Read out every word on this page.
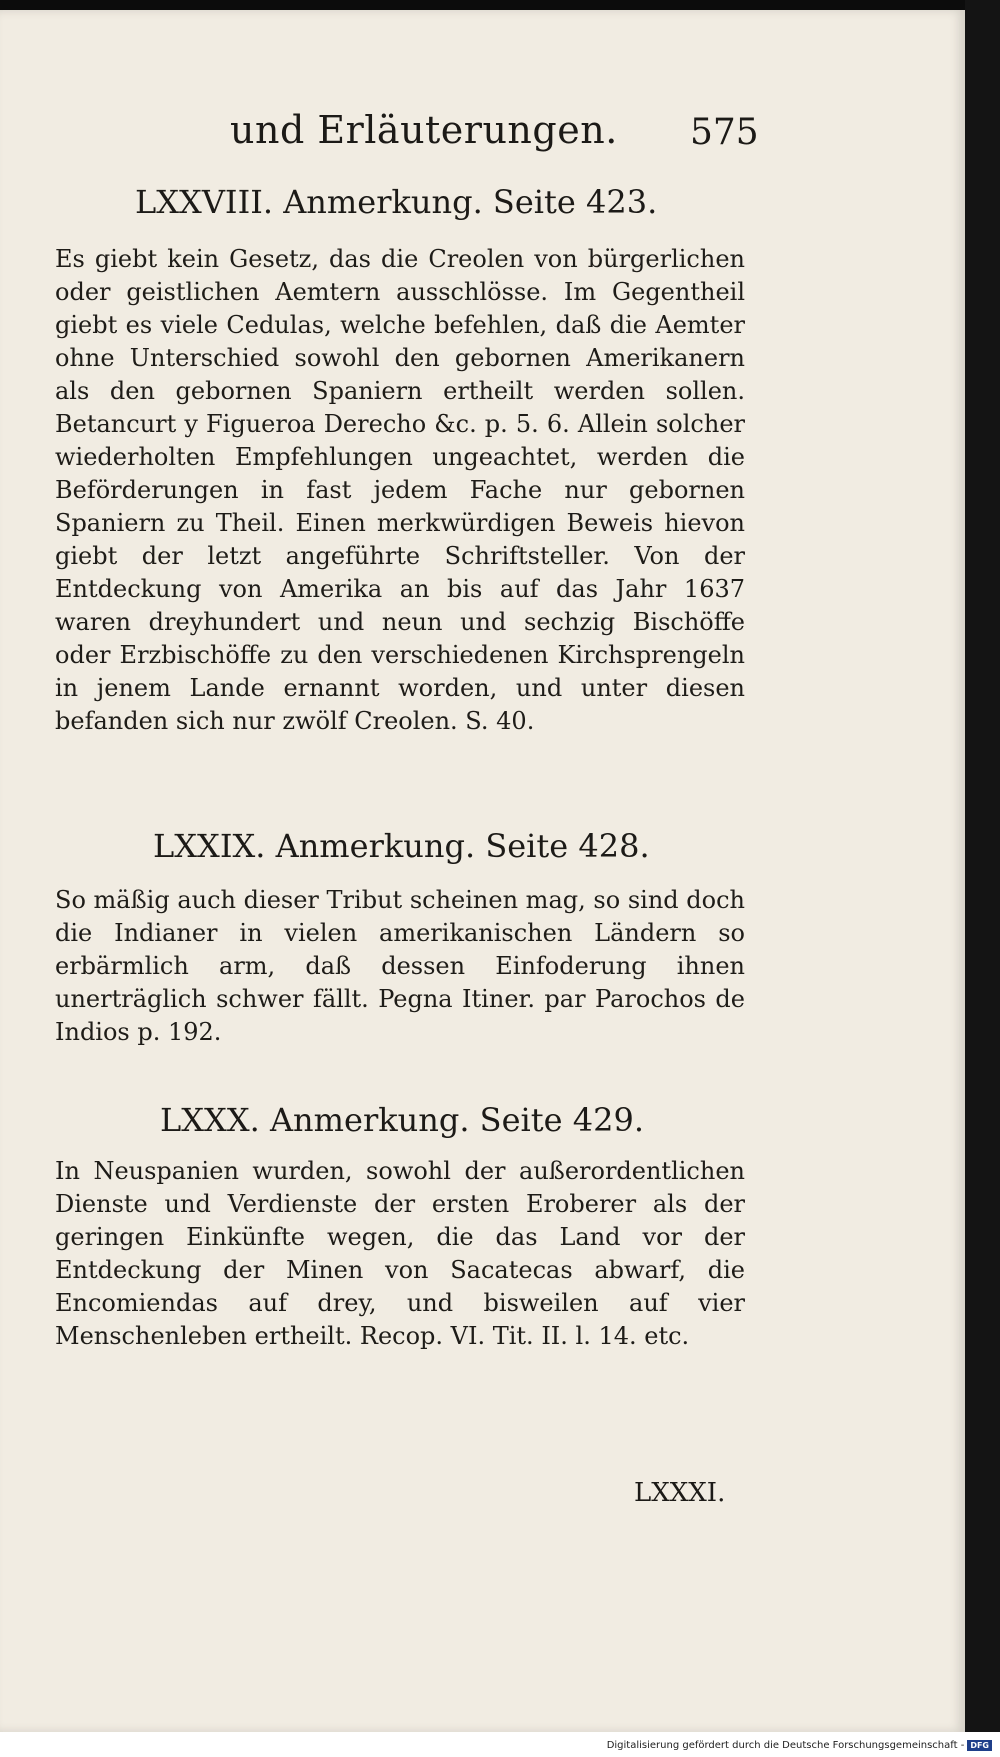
und Erläuterungen. 575
LXXVIII. Anmerkung. Seite 423.

Es giebt kein Gesetz, das die Creolen von bürgerlichen oder geistlichen Aemtern ausschlösse. Im Gegentheil giebt es viele Cedulas, welche befehlen, daß die Aemter ohne Unterschied sowohl den gebornen Amerikanern als den gebornen Spaniern ertheilt werden sollen. Betancurt y Figueroa Derecho &c. p. 5. 6. Allein solcher wiederholten Empfehlungen ungeachtet, werden die Beförderungen in fast jedem Fache nur gebornen Spaniern zu Theil. Einen merkwürdigen Beweis hievon giebt der letzt angeführte Schriftsteller. Von der Entdeckung von Amerika an bis auf das Jahr 1637 waren dreyhundert und neun und sechzig Bischöffe oder Erzbischöffe zu den verschiedenen Kirchsprengeln in jenem Lande ernannt worden, und unter diesen befanden sich nur zwölf Creolen. S. 40.

LXXIX. Anmerkung. Seite 428.

So mäßig auch dieser Tribut scheinen mag, so sind doch die Indianer in vielen amerikanischen Ländern so erbärmlich arm, daß dessen Einfoderung ihnen unerträglich schwer fällt. Pegna Itiner. par Parochos de Indios p. 192.

LXXX. Anmerkung. Seite 429.

In Neuspanien wurden, sowohl der außerordentlichen Dienste und Verdienste der ersten Eroberer als der geringen Einkünfte wegen, die das Land vor der Entdeckung der Minen von Sacatecas abwarf, die Encomiendas auf drey, und bisweilen auf vier Menschenleben ertheilt. Recop. VI. Tit. II. l. 14. etc.

LXXXI.
Digitalisierung gefördert durch die Deutsche Forschungsgemeinschaft - DFG
